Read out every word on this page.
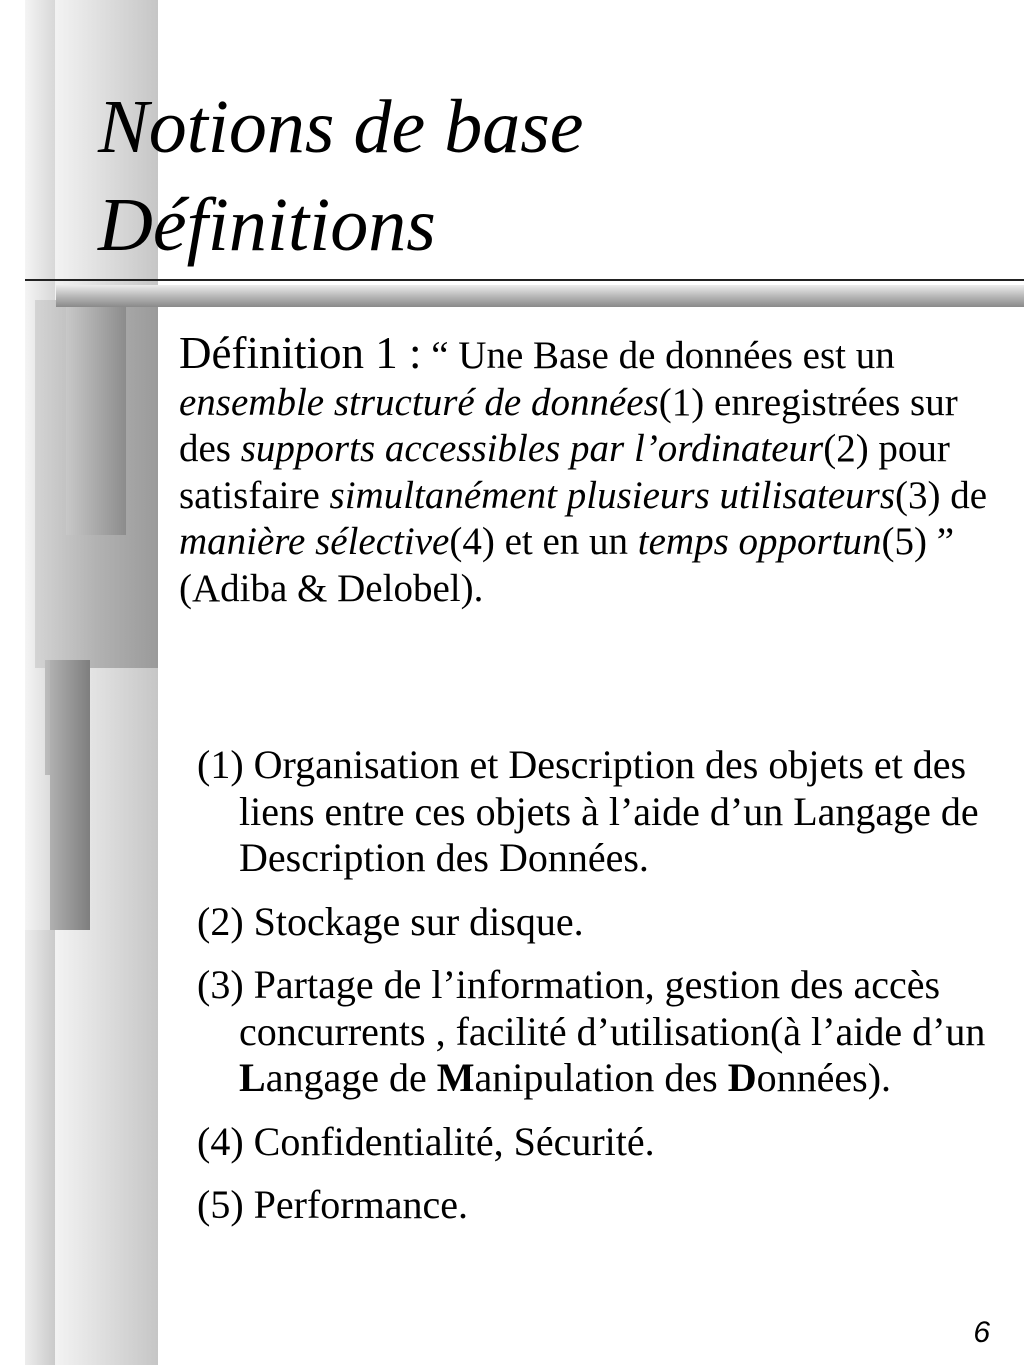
Notions de base
Définitions
Définition 1 : “ Une Base de données est un ensemble structuré de données(1) enregistrées sur des supports accessibles par l’ordinateur(2) pour satisfaire simultanément plusieurs utilisateurs(3) de manière sélective(4) et en un temps opportun(5) ” (Adiba & Delobel).
(1) Organisation et Description des objets et des liens entre ces objets à l’aide d’un Langage de Description des Données.
(2) Stockage sur disque.
(3) Partage de l’information, gestion des accès concurrents , facilité d’utilisation(à l’aide d’un Langage de Manipulation des Données).
(4) Confidentialité, Sécurité.
(5) Performance.
6
